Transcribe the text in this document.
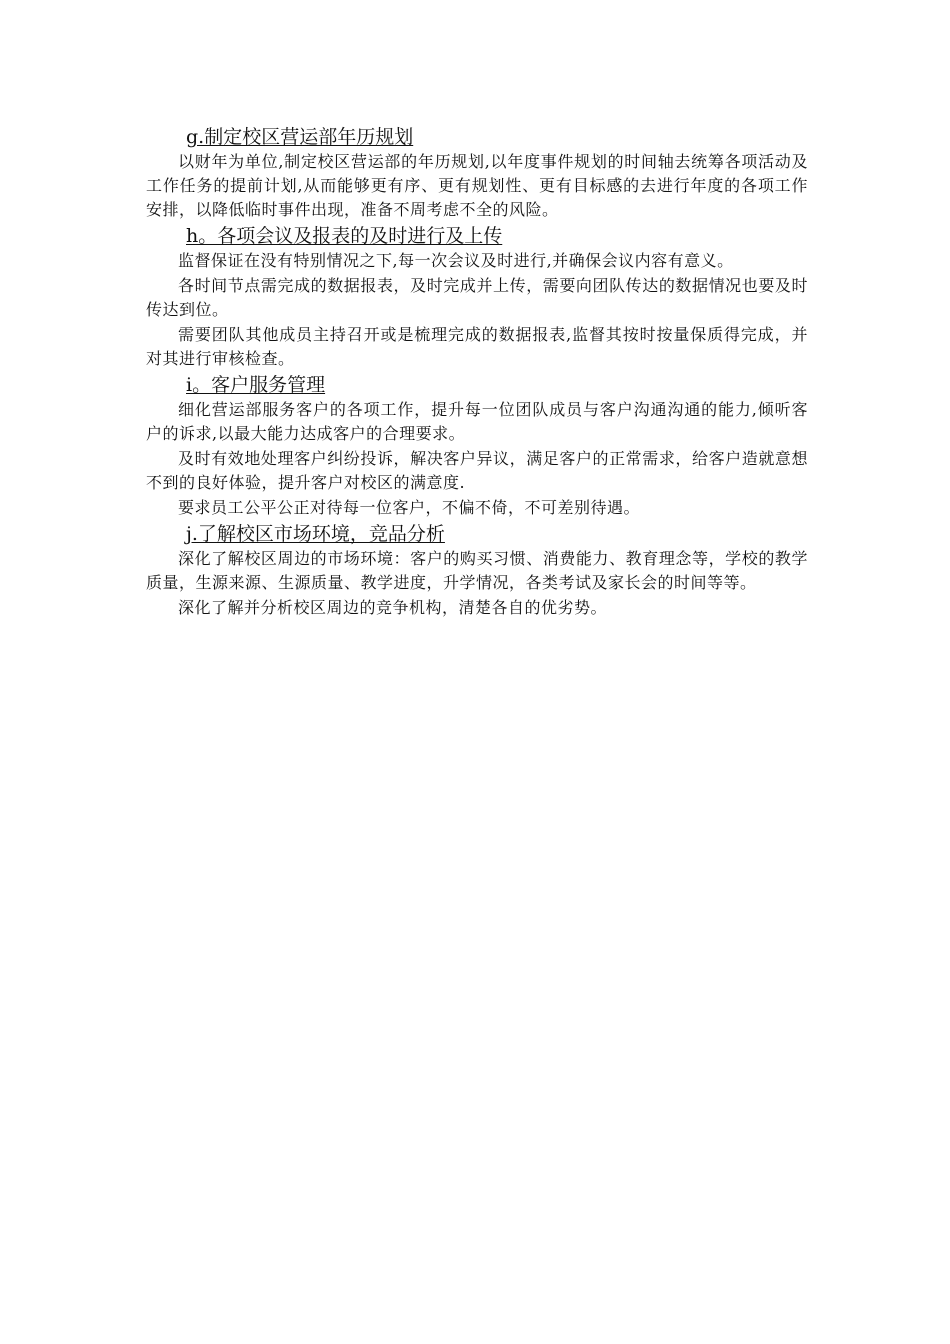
g.制定校区营运部年历规划

以财年为单位,制定校区营运部的年历规划,以年度事件规划的时间轴去统筹各项活动及工作任务的提前计划,从而能够更有序、更有规划性、更有目标感的去进行年度的各项工作安排，以降低临时事件出现，准备不周考虑不全的风险。

h。各项会议及报表的及时进行及上传

监督保证在没有特别情况之下,每一次会议及时进行,并确保会议内容有意义。

各时间节点需完成的数据报表，及时完成并上传，需要向团队传达的数据情况也要及时传达到位。

需要团队其他成员主持召开或是梳理完成的数据报表,监督其按时按量保质得完成，并对其进行审核检查。

i。客户服务管理

细化营运部服务客户的各项工作，提升每一位团队成员与客户沟通沟通的能力,倾听客户的诉求,以最大能力达成客户的合理要求。

及时有效地处理客户纠纷投诉，解决客户异议，满足客户的正常需求，给客户造就意想不到的良好体验，提升客户对校区的满意度.

要求员工公平公正对待每一位客户，不偏不倚，不可差别待遇。

j.了解校区市场环境，竞品分析

深化了解校区周边的市场环境：客户的购买习惯、消费能力、教育理念等，学校的教学质量，生源来源、生源质量、教学进度，升学情况，各类考试及家长会的时间等等。

深化了解并分析校区周边的竞争机构，清楚各自的优劣势。
